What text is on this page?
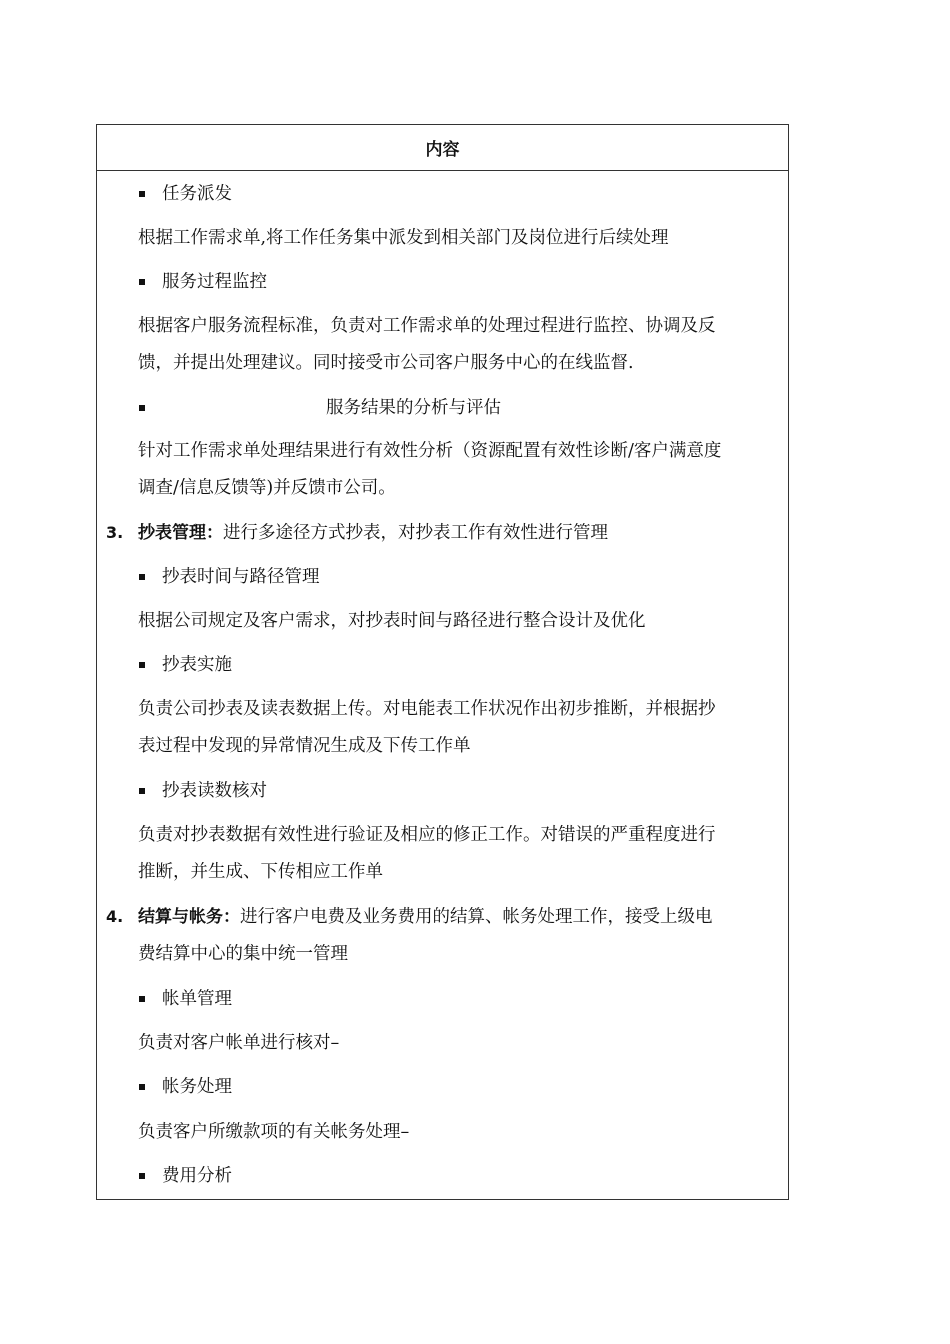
内容
任务派发
根据工作需求单,将工作任务集中派发到相关部门及岗位进行后续处理
服务过程监控
根据客户服务流程标准，负责对工作需求单的处理过程进行监控、协调及反
馈，并提出处理建议。同时接受市公司客户服务中心的在线监督.
服务结果的分析与评估
针对工作需求单处理结果进行有效性分析（资源配置有效性诊断/客户满意度
调查/信息反馈等)并反馈市公司。
3. 抄表管理：进行多途径方式抄表，对抄表工作有效性进行管理
抄表时间与路径管理
根据公司规定及客户需求，对抄表时间与路径进行整合设计及优化
抄表实施
负责公司抄表及读表数据上传。对电能表工作状况作出初步推断，并根据抄
表过程中发现的异常情况生成及下传工作单
抄表读数核对
负责对抄表数据有效性进行验证及相应的修正工作。对错误的严重程度进行
推断，并生成、下传相应工作单
4. 结算与帐务：进行客户电费及业务费用的结算、帐务处理工作，接受上级电
费结算中心的集中统一管理
帐单管理
负责对客户帐单进行核对–
帐务处理
负责客户所缴款项的有关帐务处理–
费用分析
